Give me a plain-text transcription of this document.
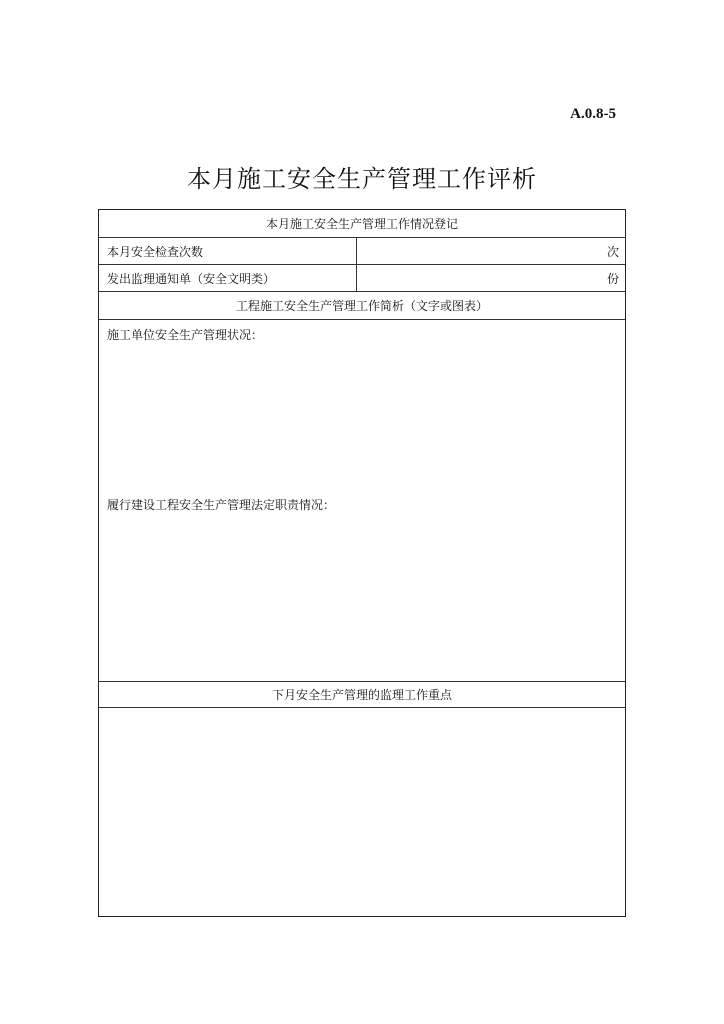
A.0.8-5
本月施工安全生产管理工作评析
本月施工安全生产管理工作情况登记
本月安全检查次数	次
发出监理通知单（安全文明类）	份
工程施工安全生产管理工作简析（文字或图表）
施工单位安全生产管理状况：
履行建设工程安全生产管理法定职责情况：
下月安全生产管理的监理工作重点
